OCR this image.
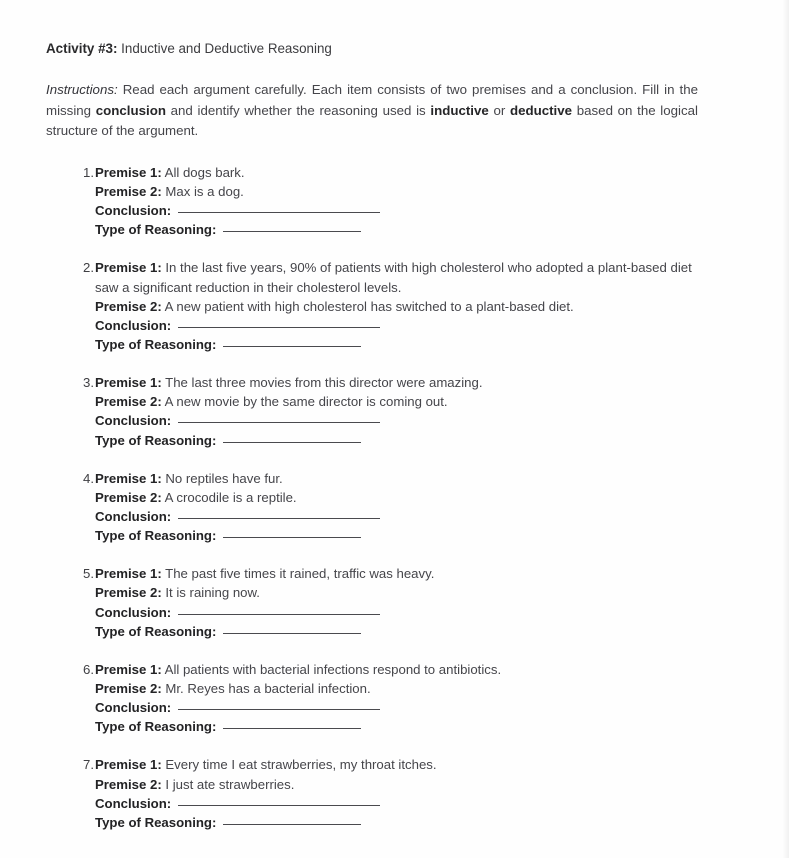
Activity #3: Inductive and Deductive Reasoning

Instructions: Read each argument carefully. Each item consists of two premises and a conclusion. Fill in the missing conclusion and identify whether the reasoning used is inductive or deductive based on the logical structure of the argument.

1. Premise 1: All dogs bark.
Premise 2: Max is a dog.
Conclusion:
Type of Reasoning:
2. Premise 1: In the last five years, 90% of patients with high cholesterol who adopted a plant-based diet saw a significant reduction in their cholesterol levels.
Premise 2: A new patient with high cholesterol has switched to a plant-based diet.
Conclusion:
Type of Reasoning:
3. Premise 1: The last three movies from this director were amazing.
Premise 2: A new movie by the same director is coming out.
Conclusion:
Type of Reasoning:
4. Premise 1: No reptiles have fur.
Premise 2: A crocodile is a reptile.
Conclusion:
Type of Reasoning:
5. Premise 1: The past five times it rained, traffic was heavy.
Premise 2: It is raining now.
Conclusion:
Type of Reasoning:
6. Premise 1: All patients with bacterial infections respond to antibiotics.
Premise 2: Mr. Reyes has a bacterial infection.
Conclusion:
Type of Reasoning:
7. Premise 1: Every time I eat strawberries, my throat itches.
Premise 2: I just ate strawberries.
Conclusion:
Type of Reasoning:
